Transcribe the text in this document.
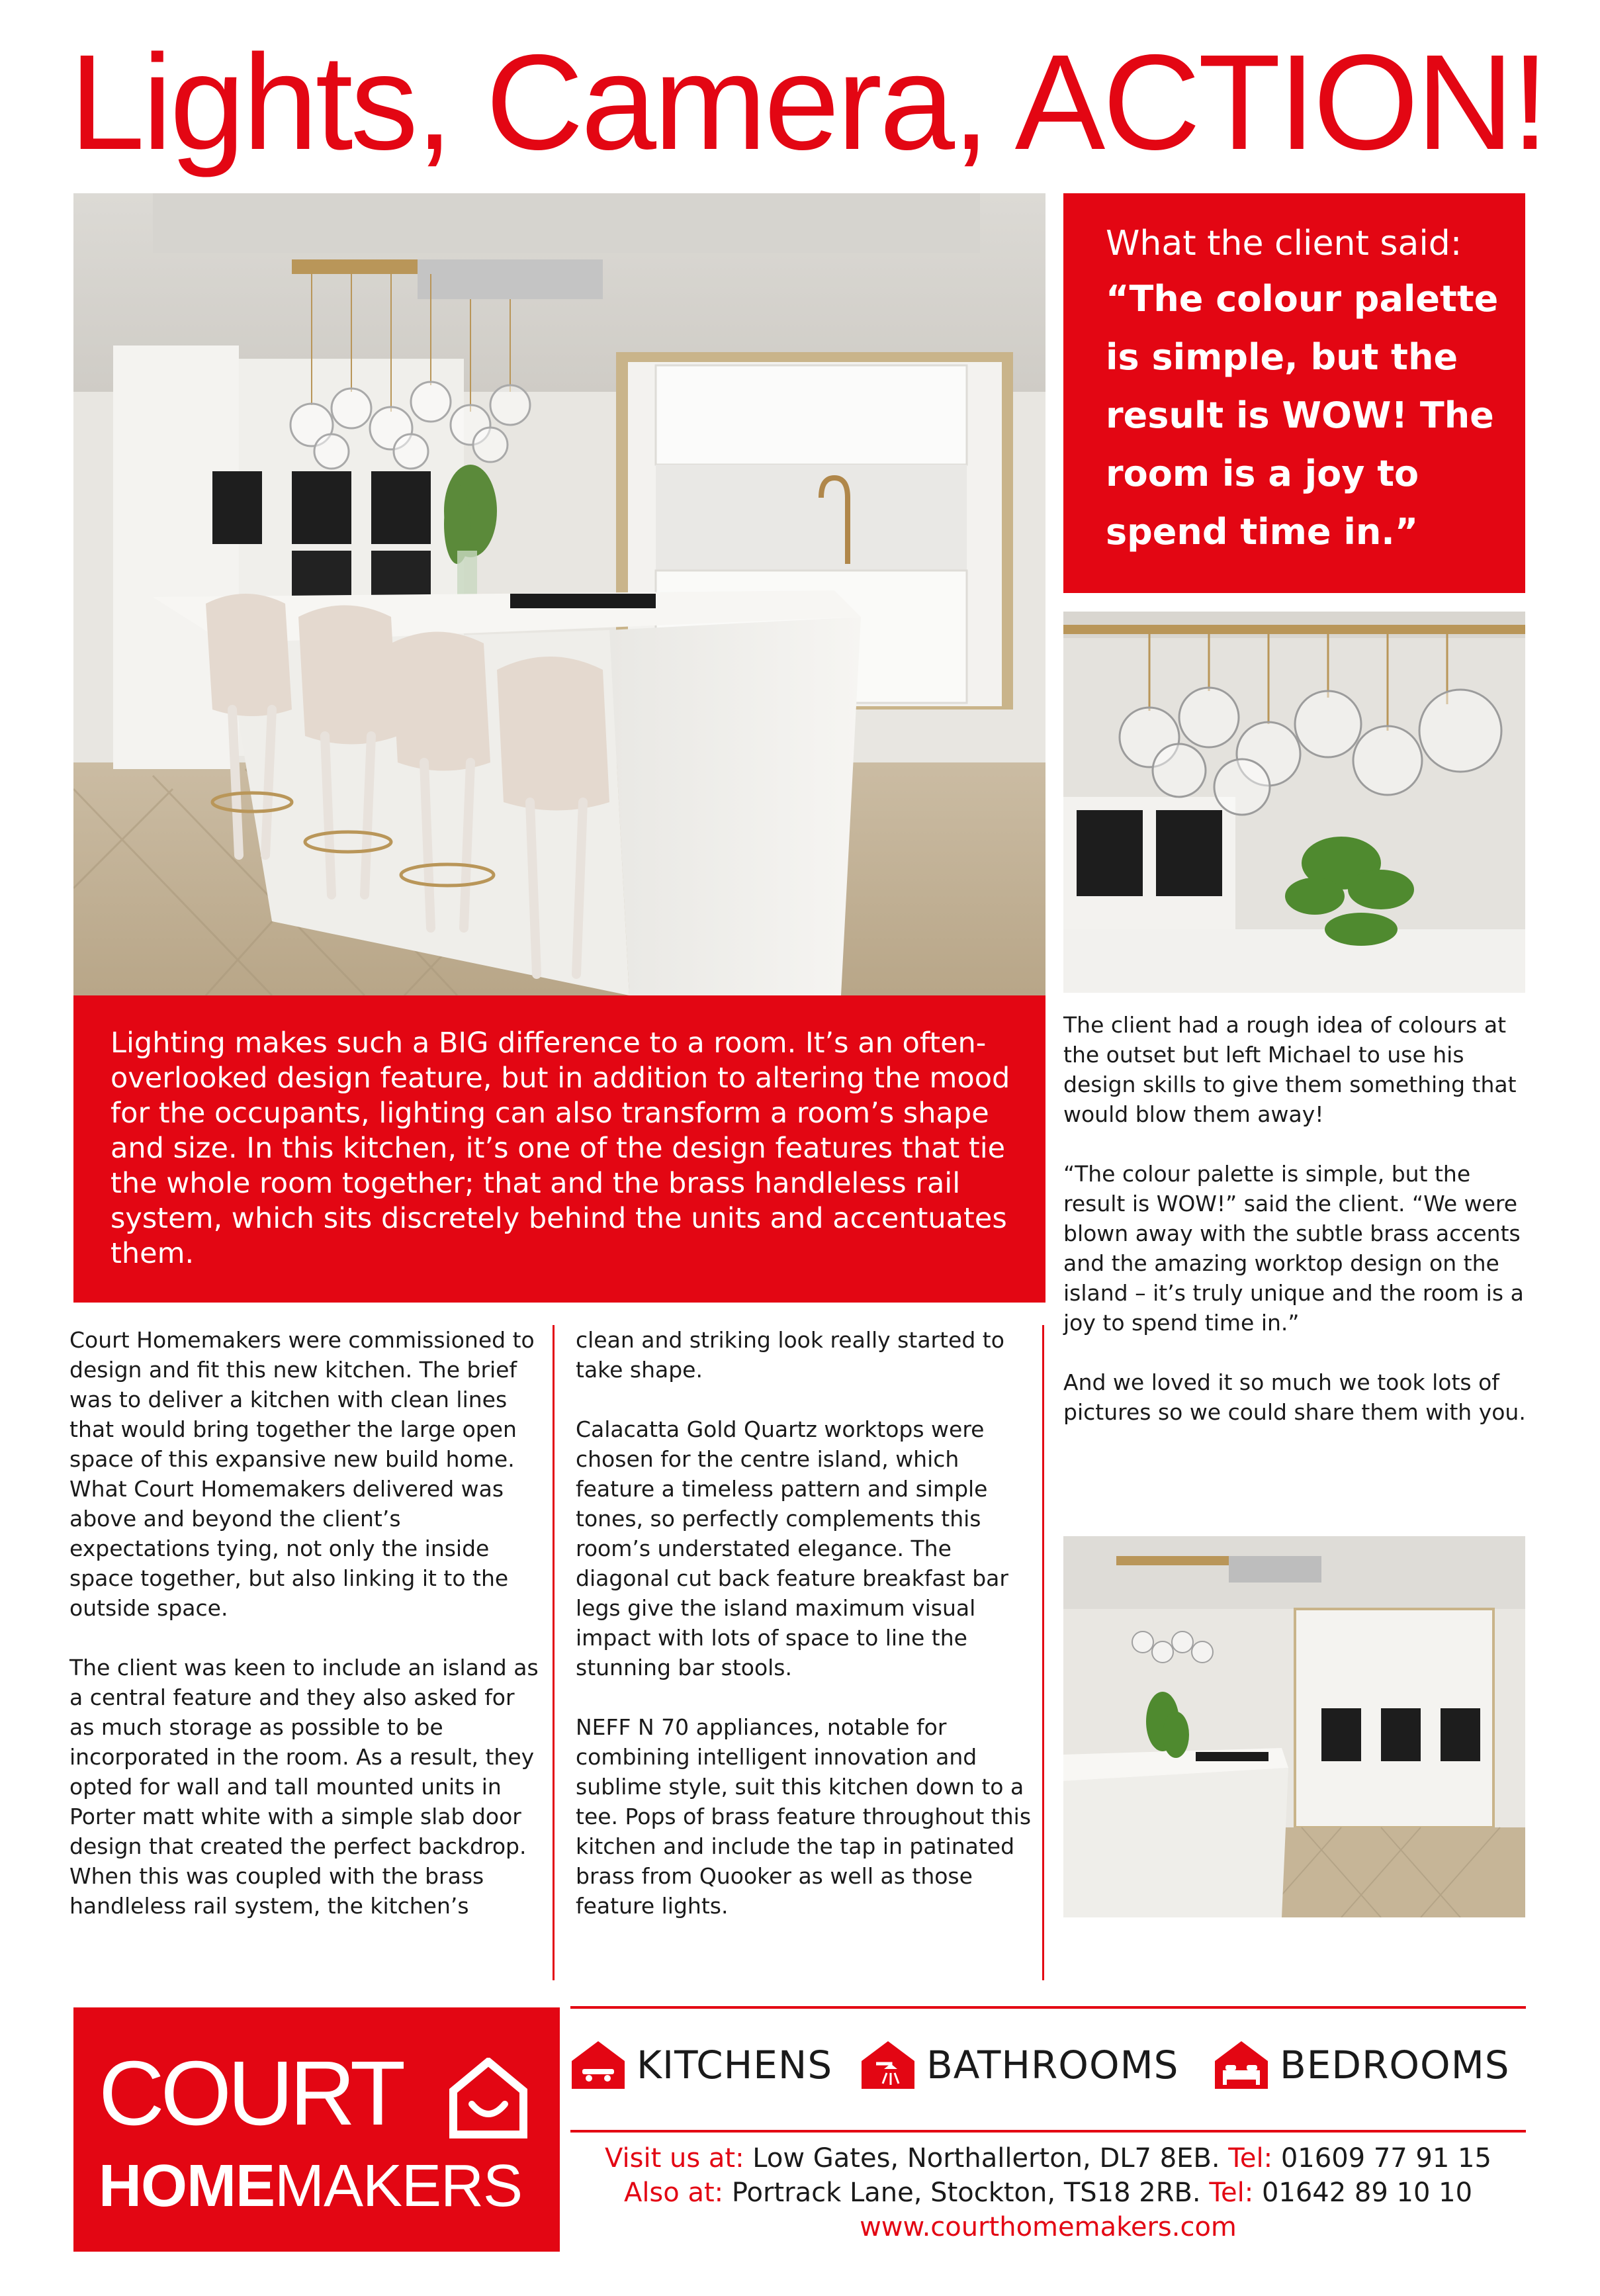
Lights, Camera, ACTION!
What the client said:
“The colour palette is simple, but the result is WOW! The room is a joy to spend time in.”
Lighting makes such a BIG difference to a room. It’s an often-overlooked design feature, but in addition to altering the mood for the occupants, lighting can also transform a room’s shape and size. In this kitchen, it’s one of the design features that tie the whole room together; that and the brass handleless rail system, which sits discretely behind the units and accentuates them.

Court Homemakers were commissioned to design and fit this new kitchen. The brief was to deliver a kitchen with clean lines that would bring together the large open space of this expansive new build home. What Court Homemakers delivered was above and beyond the client’s expectations tying, not only the inside space together, but also linking it to the outside space.

The client was keen to include an island as a central feature and they also asked for as much storage as possible to be incorporated in the room. As a result, they opted for wall and tall mounted units in Porter matt white with a simple slab door design that created the perfect backdrop. When this was coupled with the brass handleless rail system, the kitchen’s

clean and striking look really started to take shape.

Calacatta Gold Quartz worktops were chosen for the centre island, which feature a timeless pattern and simple tones, so perfectly complements this room’s understated elegance. The diagonal cut back feature breakfast bar legs give the island maximum visual impact with lots of space to line the stunning bar stools.

NEFF N 70 appliances, notable for combining intelligent innovation and sublime style, suit this kitchen down to a tee. Pops of brass feature throughout this kitchen and include the tap in patinated brass from Quooker as well as those feature lights.

The client had a rough idea of colours at the outset but left Michael to use his design skills to give them something that would blow them away!

“The colour palette is simple, but the result is WOW!” said the client. “We were blown away with the subtle brass accents and the amazing worktop design on the island – it’s truly unique and the room is a joy to spend time in.”

And we loved it so much we took lots of pictures so we could share them with you.

COURT
HOMEMAKERS
KITCHENS BATHROOMS	BEDROOMS
Visit us at: Low Gates, Northallerton, DL7 8EB. Tel: 01609 77 91 15
Also at: Portrack Lane, Stockton, TS18 2RB. Tel: 01642 89 10 10
www.courthomemakers.com
